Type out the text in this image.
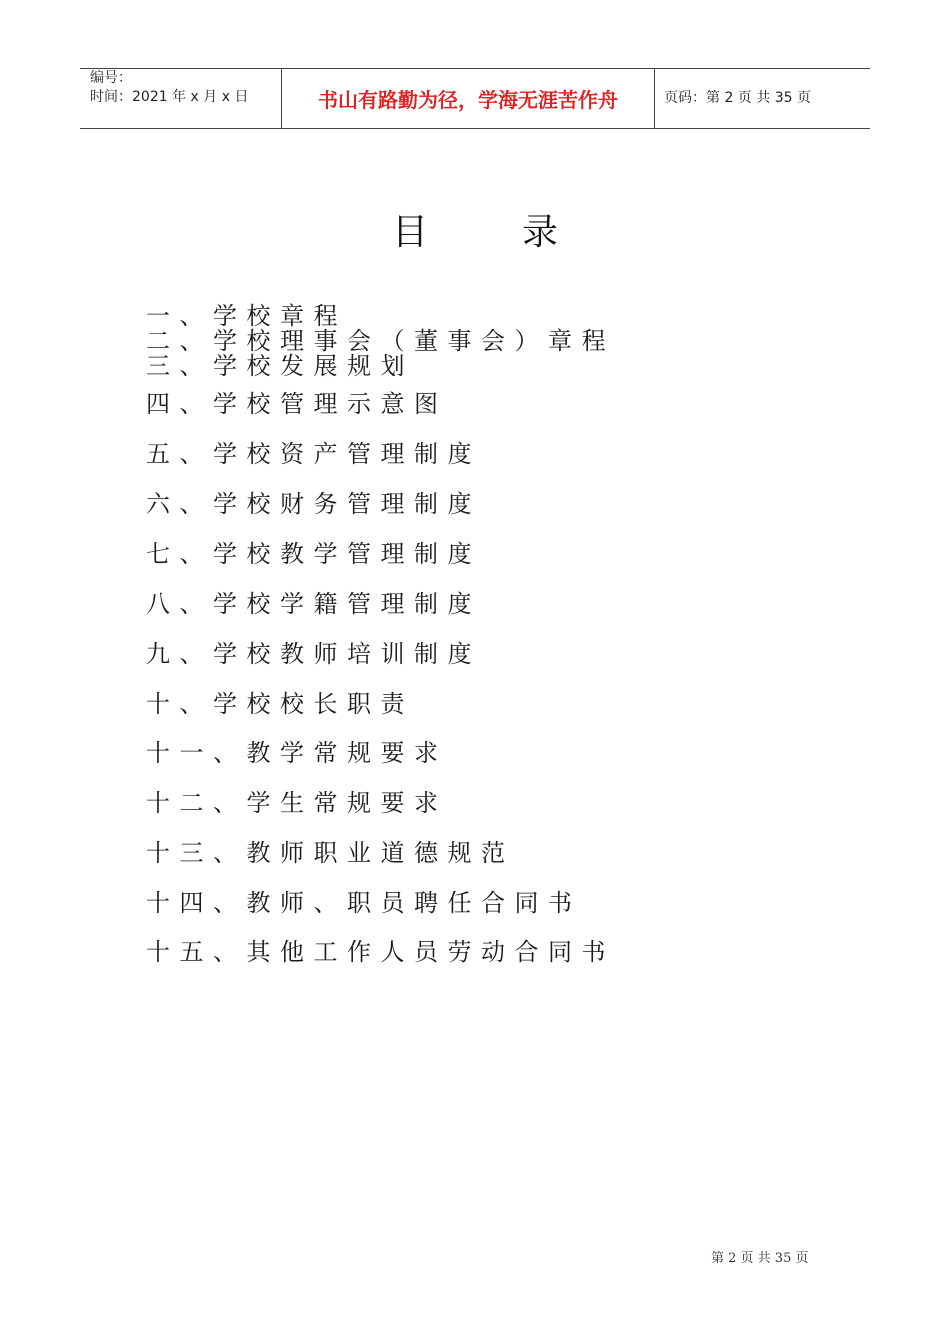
编号：
时间：2021 年 x 月 x 日	书山有路勤为径，学海无涯苦作舟	页码：第 2 页 共 35 页
目	录
一、学校章程
二、学校理事会（董事会）章程
三、学校发展规划
四、学校管理示意图
五、学校资产管理制度
六、学校财务管理制度
七、学校教学管理制度
八、学校学籍管理制度
九、学校教师培训制度
十、学校校长职责
十一、教学常规要求
十二、学生常规要求
十三、教师职业道德规范
十四、教师、职员聘任合同书
十五、其他工作人员劳动合同书
第 2 页 共 35 页
